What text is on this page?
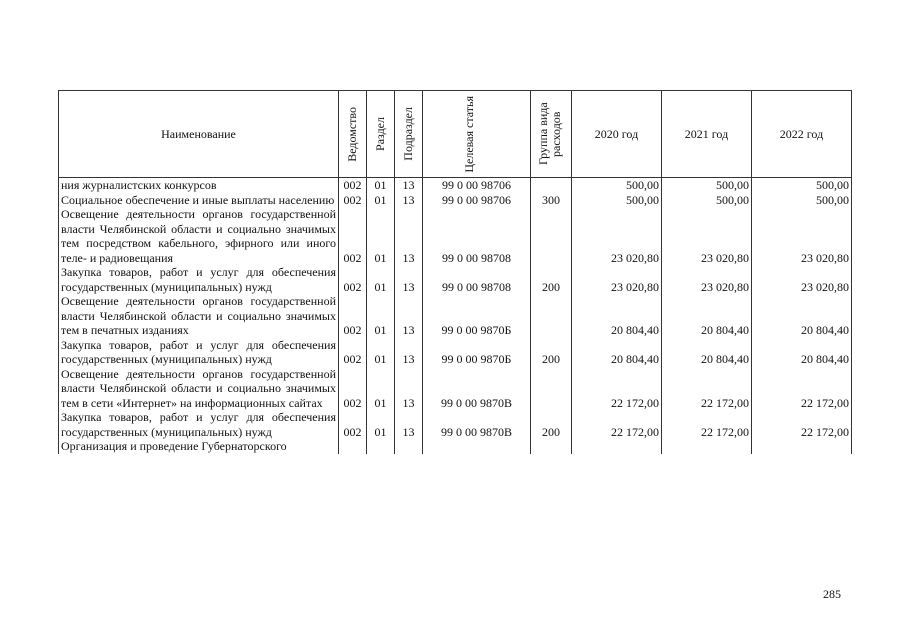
Наименование	Ведомство	Раздел	Подраздел	Целевая статья	Группа вида расходов	2020 год	2021 год	2022 год
ния журналистских конкурсов	002	01	13	99 0 00 98706		500,00	500,00	500,00
Социальное обеспечение и иные выплаты населению	002	01	13	99 0 00 98706	300	500,00	500,00	500,00
Освещение деятельности органов государственной власти Челябинской области и социально значимых тем посредством кабельного, эфирного или иного теле- и радиовещания	002	01	13	99 0 00 98708		23 020,80	23 020,80	23 020,80
Закупка товаров, работ и услуг для обеспечения государственных (муниципальных) нужд	002	01	13	99 0 00 98708	200	23 020,80	23 020,80	23 020,80
Освещение деятельности органов государственной власти Челябинской области и социально значимых тем в печатных изданиях	002	01	13	99 0 00 9870Б		20 804,40	20 804,40	20 804,40
Закупка товаров, работ и услуг для обеспечения государственных (муниципальных) нужд	002	01	13	99 0 00 9870Б	200	20 804,40	20 804,40	20 804,40
Освещение деятельности органов государственной власти Челябинской области и социально значимых тем в сети «Интернет» на информационных сайтах	002	01	13	99 0 00 9870В		22 172,00	22 172,00	22 172,00
Закупка товаров, работ и услуг для обеспечения государственных (муниципальных) нужд	002	01	13	99 0 00 9870В	200	22 172,00	22 172,00	22 172,00
Организация и проведение Губернаторского								
285
